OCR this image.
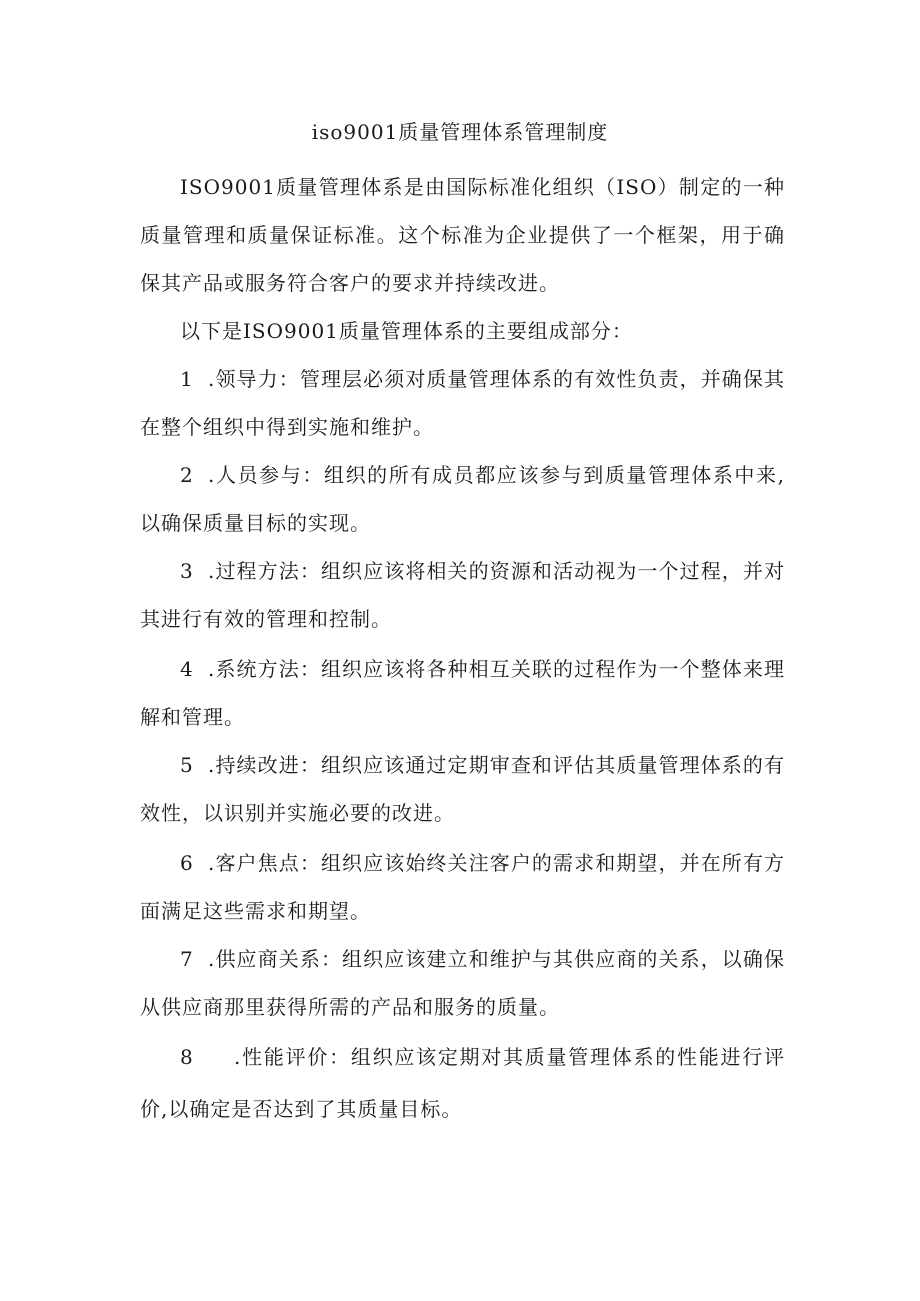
iso9001质量管理体系管理制度
ISO9001质量管理体系是由国际标准化组织（ISO）制定的一种质量管理和质量保证标准。这个标准为企业提供了一个框架，用于确保其产品或服务符合客户的要求并持续改进。
以下是ISO9001质量管理体系的主要组成部分：
1 .领导力：管理层必须对质量管理体系的有效性负责，并确保其在整个组织中得到实施和维护。
2 .人员参与：组织的所有成员都应该参与到质量管理体系中来,以确保质量目标的实现。
3 .过程方法：组织应该将相关的资源和活动视为一个过程，并对其进行有效的管理和控制。
4 .系统方法：组织应该将各种相互关联的过程作为一个整体来理解和管理。
5 .持续改进：组织应该通过定期审查和评估其质量管理体系的有效性，以识别并实施必要的改进。
6 .客户焦点：组织应该始终关注客户的需求和期望，并在所有方面满足这些需求和期望。
7 .供应商关系：组织应该建立和维护与其供应商的关系，以确保从供应商那里获得所需的产品和服务的质量。
8 .性能评价：组织应该定期对其质量管理体系的性能进行评价,以确定是否达到了其质量目标。
